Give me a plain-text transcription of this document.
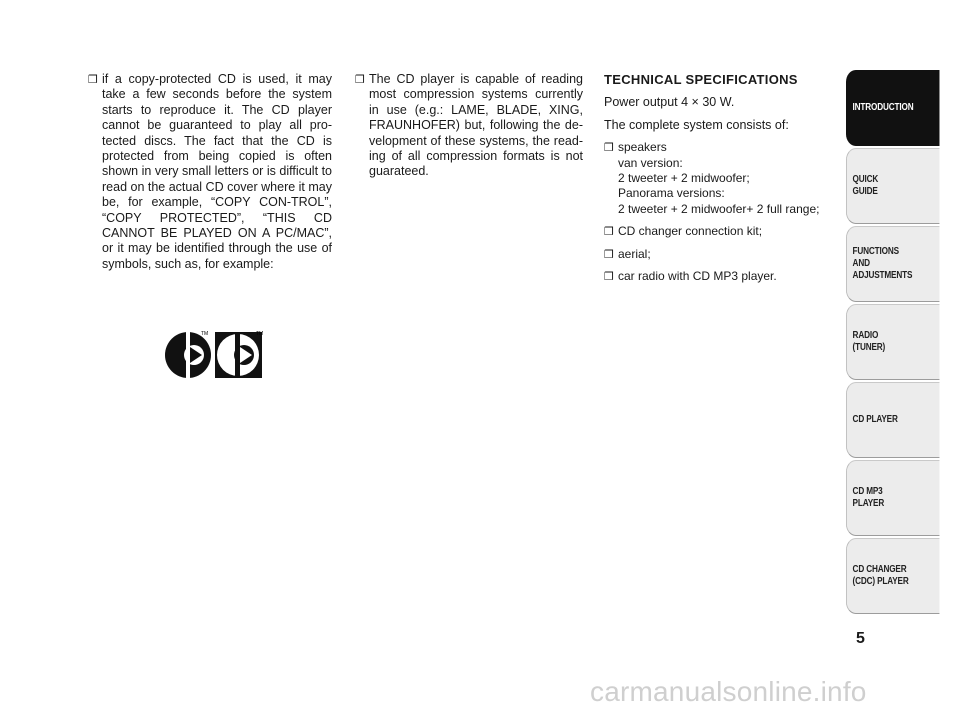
❒ if a copy-protected CD is used, it may take a few seconds before the system starts to reproduce it. The CD player cannot be guaranteed to play all pro-tected discs. The fact that the CD is protected from being copied is often shown in very small letters or is difficult to read on the actual CD cover where it may be, for example, “COPY CON-TROL”, “COPY PROTECTED”, “THIS CD CANNOT BE PLAYED ON A PC/MAC”, or it may be identified through the use of symbols, such as, for example:
TM	TM
❒ The CD player is capable of reading most compression systems currently in use (e.g.: LAME, BLADE, XING, FRAUNHOFER) but, following the de-velopment of these systems, the read-ing of all compression formats is not guarateed.
TECHNICAL SPECIFICATIONS
Power output 4 × 30 W.
The complete system consists of:
❒ speakers
van version:
2 tweeter + 2 midwoofer;
Panorama versions:
2 tweeter + 2 midwoofer+ 2 full range;
❒ CD changer connection kit;
❒ aerial;
❒ car radio with CD MP3 player.
INTRODUCTION
QUICK
GUIDE
FUNCTIONS
AND
ADJUSTMENTS
RADIO
(TUNER)
CD PLAYER
CD MP3
PLAYER
CD CHANGER
(CDC) PLAYER
5
carmanualsonline.info
